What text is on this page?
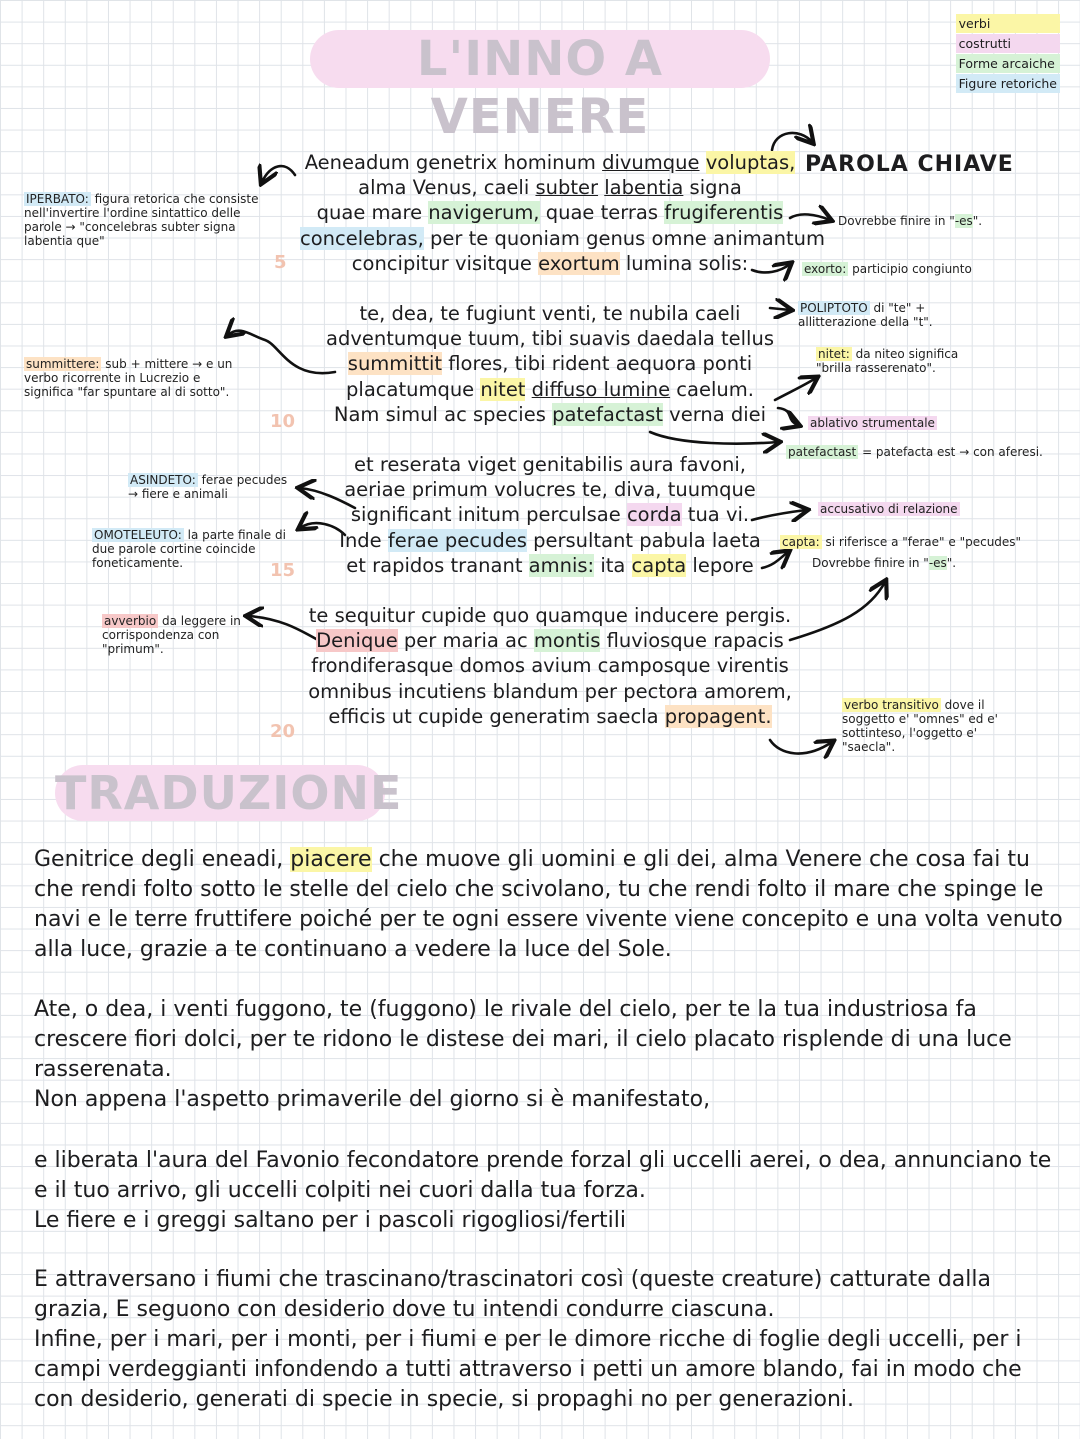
L'INNO A VENERE
verbi
costrutti
Forme arcaiche
Figure retoriche
PAROLA CHIAVE
Aeneadum genetrix hominum divumque voluptas,
alma Venus, caeli subter labentia signa
quae mare navigerum, quae terras frugiferentis
concelebras, per te quoniam genus omne animantum
concipitur visitque exortum lumina solis:
te, dea, te fugiunt venti, te nubila caeli
adventumque tuum, tibi suavis daedala tellus
summittit flores, tibi rident aequora ponti
placatumque nitet diffuso lumine caelum.
Nam simul ac species patefactast verna diei
et reserata viget genitabilis aura favoni,
aeriae primum volucres te, diva, tuumque
significant initum perculsae corda tua vi.
Inde ferae pecudes persultant pabula laeta
et rapidos tranant amnis: ita capta lepore
te sequitur cupide quo quamque inducere pergis.
Denique per maria ac montis fluviosque rapacis
frondiferasque domos avium camposque virentis
omnibus incutiens blandum per pectora amorem,
efficis ut cupide generatim saecla propagent.
5
10
15
20
IPERBATO: figura retorica che consiste nell'invertire l'ordine sintattico delle parole → "concelebras subter signa labentia que"
summittere: sub + mittere → e un verbo ricorrente in Lucrezio e significa "far spuntare al di sotto".
ASINDETO: ferae pecudes → fiere e animali
OMOTELEUTO: la parte finale di due parole cortine coincide foneticamente.
avverbio da leggere in corrispondenza con "primum".
Dovrebbe finire in "-es".
exorto: participio congiunto
POLIPTOTO di "te" + allitterazione della "t".
nitet: da niteo significa "brilla rasserenato".
ablativo strumentale
patefactast = patefacta est → con aferesi.
accusativo di relazione
capta: si riferisce a "ferae" e "pecudes"
Dovrebbe finire in "-es".
verbo transitivo dove il soggetto e' "omnes" ed e' sottinteso, l'oggetto e' "saecla".
TRADUZIONE

Genitrice degli eneadi, piacere che muove gli uomini e gli dei, alma Venere che cosa fai tu che rendi folto sotto le stelle del cielo che scivolano, tu che rendi folto il mare che spinge le navi e le terre fruttifere poiché per te ogni essere vivente viene concepito e una volta venuto alla luce, grazie a te continuano a vedere la luce del Sole.

Ate, o dea, i venti fuggono, te (fuggono) le rivale del cielo, per te la tua industriosa fa crescere fiori dolci, per te ridono le distese dei mari, il cielo placato risplende di una luce rasserenata.

Non appena l'aspetto primaverile del giorno si è manifestato,

e liberata l'aura del Favonio fecondatore prende forzal gli uccelli aerei, o dea, annunciano te e il tuo arrivo, gli uccelli colpiti nei cuori dalla tua forza.

Le fiere e i greggi saltano per i pascoli rigogliosi/fertili

E attraversano i fiumi che trascinano/trascinatori così (queste creature) catturate dalla grazia, E seguono con desiderio dove tu intendi condurre ciascuna.

Infine, per i mari, per i monti, per i fiumi e per le dimore ricche di foglie degli uccelli, per i campi verdeggianti infondendo a tutti attraverso i petti un amore blando, fai in modo che con desiderio, generati di specie in specie, si propaghi no per generazioni.
